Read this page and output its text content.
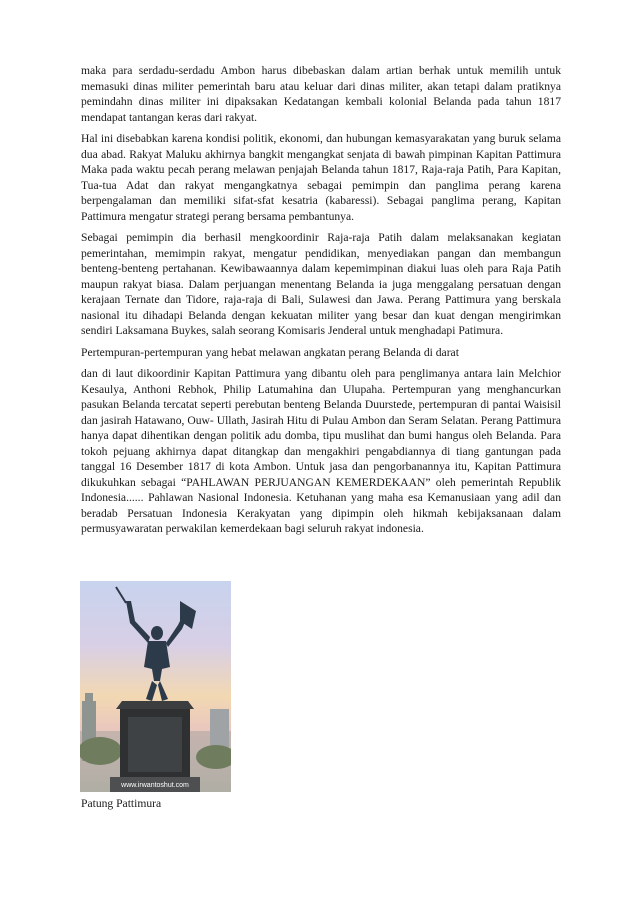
maka para serdadu-serdadu Ambon harus dibebaskan dalam artian berhak untuk memilih untuk memasuki dinas militer pemerintah baru atau keluar dari dinas militer, akan tetapi dalam pratiknya pemindahn dinas militer ini dipaksakan Kedatangan kembali kolonial Belanda pada tahun 1817 mendapat tantangan keras dari rakyat.

Hal ini disebabkan karena kondisi politik, ekonomi, dan hubungan kemasyarakatan yang buruk selama dua abad. Rakyat Maluku akhirnya bangkit mengangkat senjata di bawah pimpinan Kapitan Pattimura Maka pada waktu pecah perang melawan penjajah Belanda tahun 1817, Raja-raja Patih, Para Kapitan, Tua-tua Adat dan rakyat mengangkatnya sebagai pemimpin dan panglima perang karena berpengalaman dan memiliki sifat-sfat kesatria (kabaressi). Sebagai panglima perang, Kapitan Pattimura mengatur strategi perang bersama pembantunya.

Sebagai pemimpin dia berhasil mengkoordinir Raja-raja Patih dalam melaksanakan kegiatan pemerintahan, memimpin rakyat, mengatur pendidikan, menyediakan pangan dan membangun benteng-benteng pertahanan. Kewibawaannya dalam kepemimpinan diakui luas oleh para Raja Patih maupun rakyat biasa. Dalam perjuangan menentang Belanda ia juga menggalang persatuan dengan kerajaan Ternate dan Tidore, raja-raja di Bali, Sulawesi dan Jawa. Perang Pattimura yang berskala nasional itu dihadapi Belanda dengan kekuatan militer yang besar dan kuat dengan mengirimkan sendiri Laksamana Buykes, salah seorang Komisaris Jenderal untuk menghadapi Patimura.

Pertempuran-pertempuran yang hebat melawan angkatan perang Belanda di darat

dan di laut dikoordinir Kapitan Pattimura yang dibantu oleh para penglimanya antara lain Melchior Kesaulya, Anthoni Rebhok, Philip Latumahina dan Ulupaha. Pertempuran yang menghancurkan pasukan Belanda tercatat seperti perebutan benteng Belanda Duurstede, pertempuran di pantai Waisisil dan jasirah Hatawano, Ouw- Ullath, Jasirah Hitu di Pulau Ambon dan Seram Selatan. Perang Pattimura hanya dapat dihentikan dengan politik adu domba, tipu muslihat dan bumi hangus oleh Belanda. Para tokoh pejuang akhirnya dapat ditangkap dan mengakhiri pengabdiannya di tiang gantungan pada tanggal 16 Desember 1817 di kota Ambon. Untuk jasa dan pengorbanannya itu, Kapitan Pattimura dikukuhkan sebagai “PAHLAWAN PERJUANGAN KEMERDEKAAN” oleh pemerintah Republik Indonesia...... Pahlawan Nasional Indonesia. Ketuhanan yang maha esa Kemanusiaan yang adil dan beradab Persatuan Indonesia Kerakyatan yang dipimpin oleh hikmah kebijaksanaan dalam permusyawaratan perwakilan kemerdekaan bagi seluruh rakyat indonesia.

www.irwantoshut.com
Patung Pattimura
